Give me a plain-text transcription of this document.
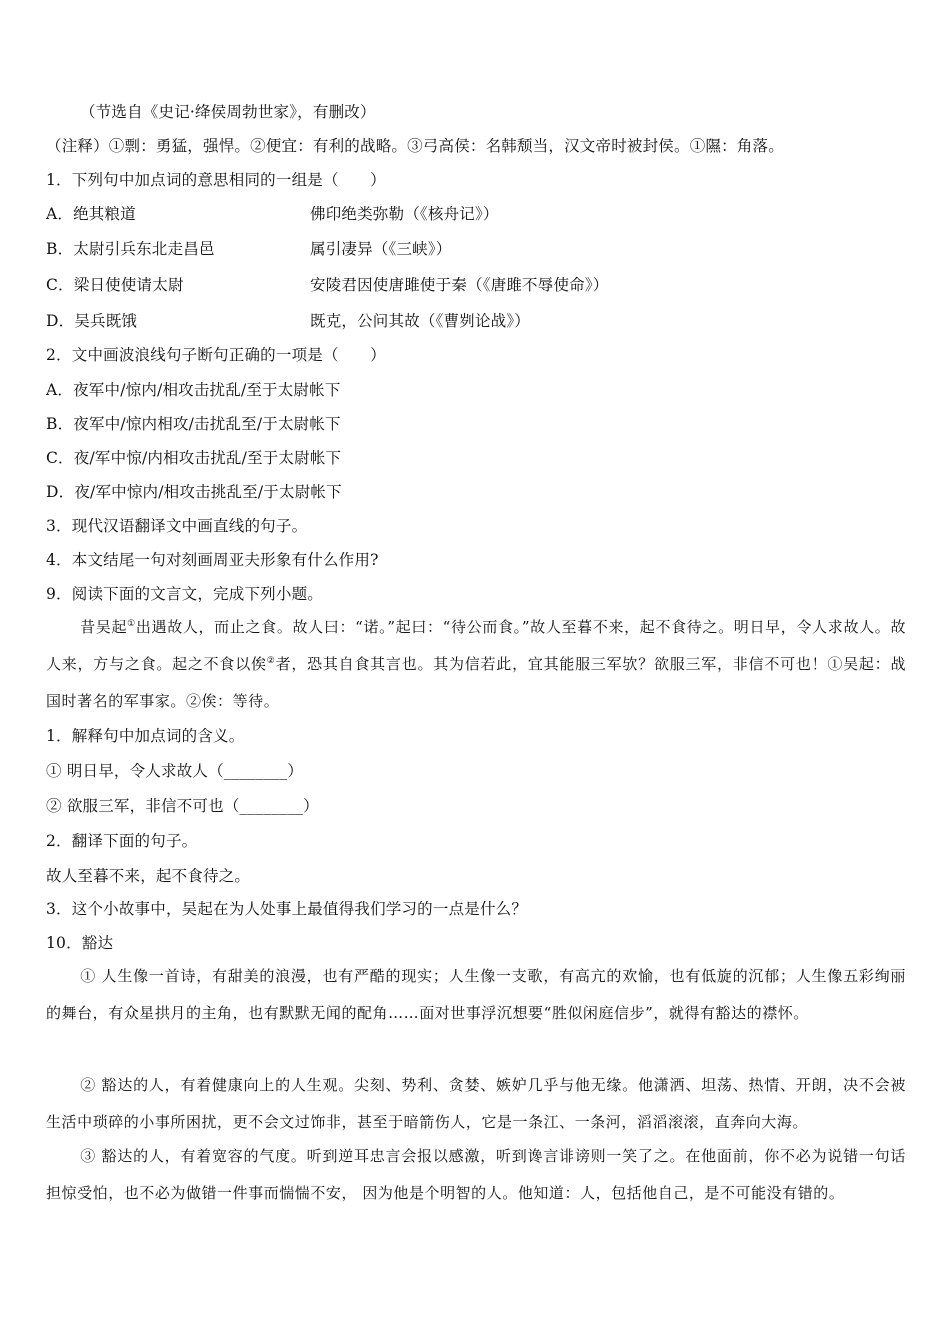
（节选自《史记·绛侯周勃世家》，有删改）
（注释）①剽：勇猛，强悍。②便宜：有利的战略。③弓高侯：名韩颓当，汉文帝时被封侯。①隰：角落。
1．下列句中加点词的意思相同的一组是（　　）
A．绝其粮道	佛印绝类弥勒（《核舟记》）
B．太尉引兵东北走昌邑	属引凄异（《三峡》）
C．梁日使使请太尉	安陵君因使唐雎使于秦（《唐雎不辱使命》）
D．吴兵既饿	既克，公问其故（《曹刿论战》）
2．文中画波浪线句子断句正确的一项是（　　）
A．夜军中/惊内/相攻击扰乱/至于太尉帐下
B．夜军中/惊内相攻/击扰乱至/于太尉帐下
C．夜/军中惊/内相攻击扰乱/至于太尉帐下
D．夜/军中惊内/相攻击挑乱至/于太尉帐下
3．现代汉语翻译文中画直线的句子。
4．本文结尾一句对刻画周亚夫形象有什么作用?
9．阅读下面的文言文，完成下列小题。
昔吴起①出遇故人，而止之食。故人曰：“诺。”起曰：“待公而食。”故人至暮不来，起不食待之。明日早，令人求故人。故人来，方与之食。起之不食以俟②者，恐其自食其言也。其为信若此，宜其能服三军欤？欲服三军，非信不可也！①吴起：战国时著名的军事家。②俟：等待。
1．解释句中加点词的含义。
① 明日早，令人求故人（________）
② 欲服三军，非信不可也（________）
2．翻译下面的句子。
故人至暮不来，起不食待之。
3．这个小故事中，吴起在为人处事上最值得我们学习的一点是什么？
10．豁达
① 人生像一首诗，有甜美的浪漫，也有严酷的现实；人生像一支歌，有高亢的欢愉，也有低旋的沉郁；人生像五彩绚丽的舞台，有众星拱月的主角，也有默默无闻的配角……面对世事浮沉想要“胜似闲庭信步”，就得有豁达的襟怀。
② 豁达的人，有着健康向上的人生观。尖刻、势利、贪婪、嫉妒几乎与他无缘。他潇洒、坦荡、热情、开朗，决不会被生活中琐碎的小事所困扰，更不会文过饰非，甚至于暗箭伤人，它是一条江、一条河，滔滔滚滚，直奔向大海。
③ 豁达的人，有着宽容的气度。听到逆耳忠言会报以感激，听到谗言诽谤则一笑了之。在他面前，你不必为说错一句话担惊受怕，也不必为做错一件事而惴惴不安， 因为他是个明智的人。他知道：人，包括他自己，是不可能没有错的。
